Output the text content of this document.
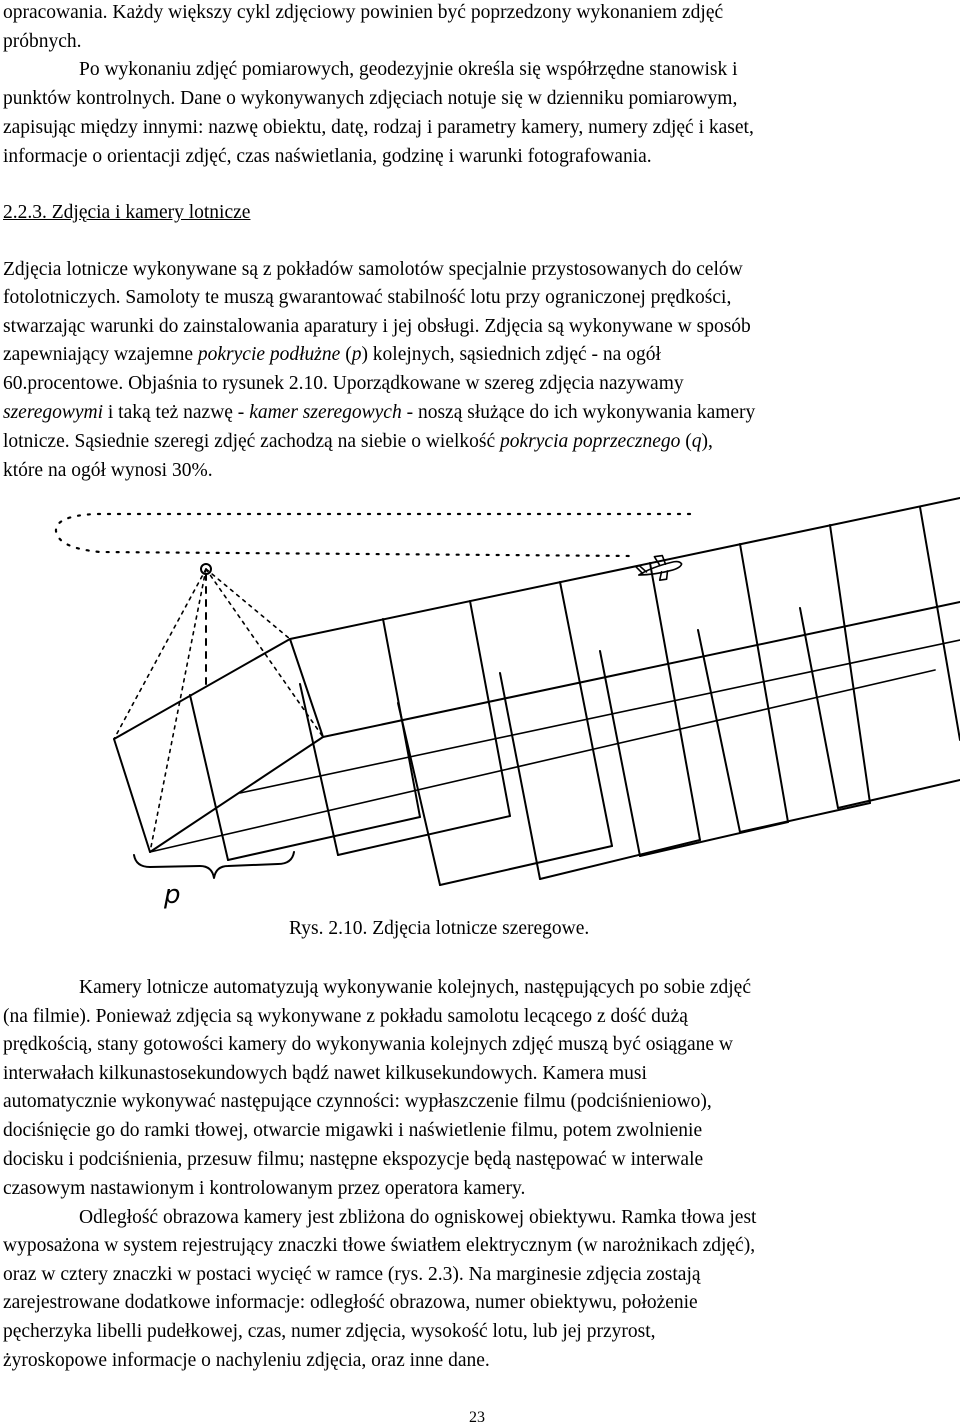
opracowania. Każdy większy cykl zdjęciowy powinien być poprzedzony wykonaniem zdjęć
próbnych.
Po wykonaniu zdjęć pomiarowych, geodezyjnie określa się współrzędne stanowisk i
punktów kontrolnych. Dane o wykonywanych zdjęciach notuje się w dzienniku pomiarowym,
zapisując między innymi: nazwę obiektu, datę, rodzaj i parametry kamery, numery zdjęć i kaset,
informacje o orientacji zdjęć, czas naświetlania, godzinę i warunki fotografowania.
2.2.3. Zdjęcia i kamery lotnicze
Zdjęcia lotnicze wykonywane są z pokładów samolotów specjalnie przystosowanych do celów
fotolotniczych. Samoloty te muszą gwarantować stabilność lotu przy ograniczonej prędkości,
stwarzając warunki do zainstalowania aparatury i jej obsługi. Zdjęcia są wykonywane w sposób
zapewniający wzajemne pokrycie podłużne (p) kolejnych, sąsiednich zdjęć - na ogół
60.procentowe. Objaśnia to rysunek 2.10. Uporządkowane w szereg zdjęcia nazywamy
szeregowymi i taką też nazwę - kamer szeregowych - noszą służące do ich wykonywania kamery
lotnicze. Sąsiednie szeregi zdjęć zachodzą na siebie o wielkość pokrycia poprzecznego (q),
które na ogół wynosi 30%.
p
Rys. 2.10. Zdjęcia lotnicze szeregowe.
Kamery lotnicze automatyzują wykonywanie kolejnych, następujących po sobie zdjęć
(na filmie). Ponieważ zdjęcia są wykonywane z pokładu samolotu lecącego z dość dużą
prędkością, stany gotowości kamery do wykonywania kolejnych zdjęć muszą być osiągane w
interwałach kilkunastosekundowych bądź nawet kilkusekundowych. Kamera musi
automatycznie wykonywać następujące czynności: wypłaszczenie filmu (podciśnieniowo),
dociśnięcie go do ramki tłowej, otwarcie migawki i naświetlenie filmu, potem zwolnienie
docisku i podciśnienia, przesuw filmu; następne ekspozycje będą następować w interwale
czasowym nastawionym i kontrolowanym przez operatora kamery.
Odległość obrazowa kamery jest zbliżona do ogniskowej obiektywu. Ramka tłowa jest
wyposażona w system rejestrujący znaczki tłowe światłem elektrycznym (w narożnikach zdjęć),
oraz w cztery znaczki w postaci wycięć w ramce (rys. 2.3). Na marginesie zdjęcia zostają
zarejestrowane dodatkowe informacje: odległość obrazowa, numer obiektywu, położenie
pęcherzyka libelli pudełkowej, czas, numer zdjęcia, wysokość lotu, lub jej przyrost,
żyroskopowe informacje o nachyleniu zdjęcia, oraz inne dane.
23
